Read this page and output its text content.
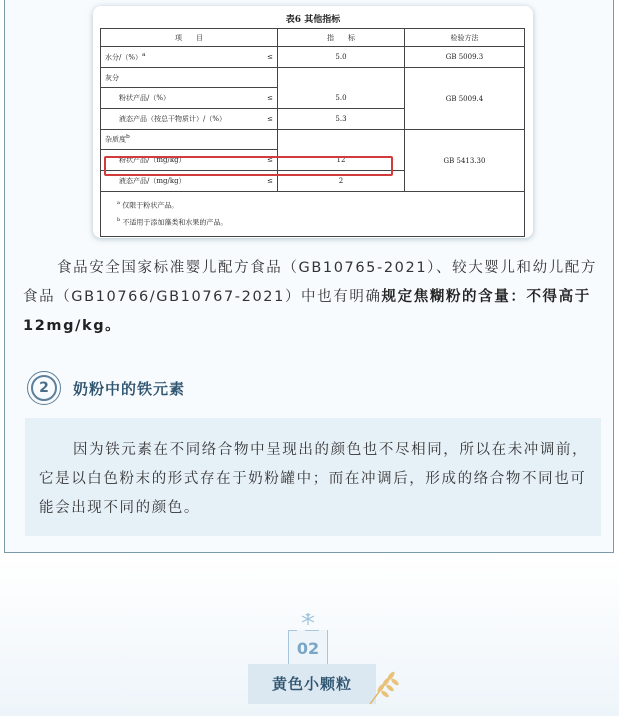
表6 其他指标
项　　目		指　　标	检验方法
水分/（%）$^a$	≤	5.0	GB 5009.3
灰分			GB 5009.4
粉状产品/（%）	≤	5.0	
液态产品（按总干物质计）/（%）	≤	5.3	
杂质度$^b$			GB 5413.30
粉状产品/（mg/kg）	≤	12	
液态产品/（mg/kg）	≤	2	

$^a$ 仅限于粉状产品。
$^b$ 不适用于添加藻类和水果的产品。			
食品安全国家标准婴儿配方食品（GB10765-2021）、较大婴儿和幼儿配方食品（GB10766/GB10767-2021）中也有明确规定焦糊粉的含量：不得高于12mg/kg。
2	奶粉中的铁元素
因为铁元素在不同络合物中呈现出的颜色也不尽相同，所以在未冲调前，它是以白色粉末的形式存在于奶粉罐中；而在冲调后，形成的络合物不同也可能会出现不同的颜色。
02
黄色小颗粒
